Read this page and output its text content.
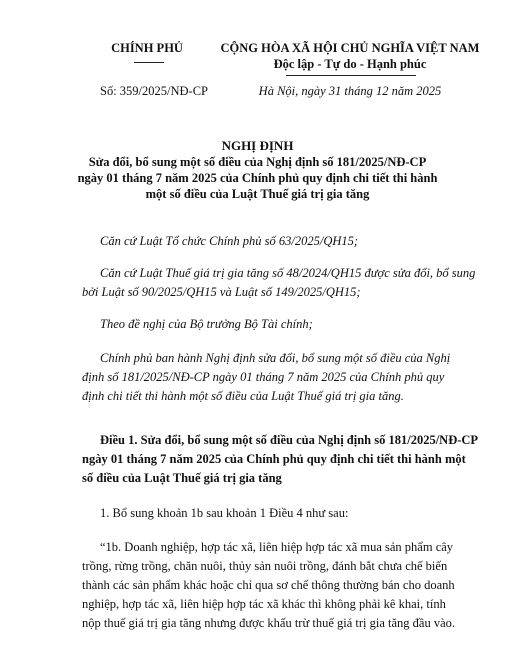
CHÍNH PHỦ	CỘNG HÒA XÃ HỘI CHỦ NGHĨA VIỆT NAM
Độc lập - Tự do - Hạnh phúc
Số: 359/2025/NĐ-CP	Hà Nội, ngày 31 tháng 12 năm 2025
NGHỊ ĐỊNH
Sửa đổi, bổ sung một số điều của Nghị định số 181/2025/NĐ-CP
ngày 01 tháng 7 năm 2025 của Chính phủ quy định chi tiết thi hành
một số điều của Luật Thuế giá trị gia tăng
Căn cứ Luật Tổ chức Chính phủ số 63/2025/QH15;
Căn cứ Luật Thuế giá trị gia tăng số 48/2024/QH15 được sửa đổi, bổ sung
bởi Luật số 90/2025/QH15 và Luật số 149/2025/QH15;
Theo đề nghị của Bộ trưởng Bộ Tài chính;
Chính phủ ban hành Nghị định sửa đổi, bổ sung một số điều của Nghị
định số 181/2025/NĐ-CP ngày 01 tháng 7 năm 2025 của Chính phủ quy
định chi tiết thi hành một số điều của Luật Thuế giá trị gia tăng.
Điều 1. Sửa đổi, bổ sung một số điều của Nghị định số 181/2025/NĐ-CP
ngày 01 tháng 7 năm 2025 của Chính phủ quy định chi tiết thi hành một
số điều của Luật Thuế giá trị gia tăng
1. Bổ sung khoản 1b sau khoản 1 Điều 4 như sau:
“1b. Doanh nghiệp, hợp tác xã, liên hiệp hợp tác xã mua sản phẩm cây
trồng, rừng trồng, chăn nuôi, thủy sản nuôi trồng, đánh bắt chưa chế biến
thành các sản phẩm khác hoặc chỉ qua sơ chế thông thường bán cho doanh
nghiệp, hợp tác xã, liên hiệp hợp tác xã khác thì không phải kê khai, tính
nộp thuế giá trị gia tăng nhưng được khấu trừ thuế giá trị gia tăng đầu vào.
